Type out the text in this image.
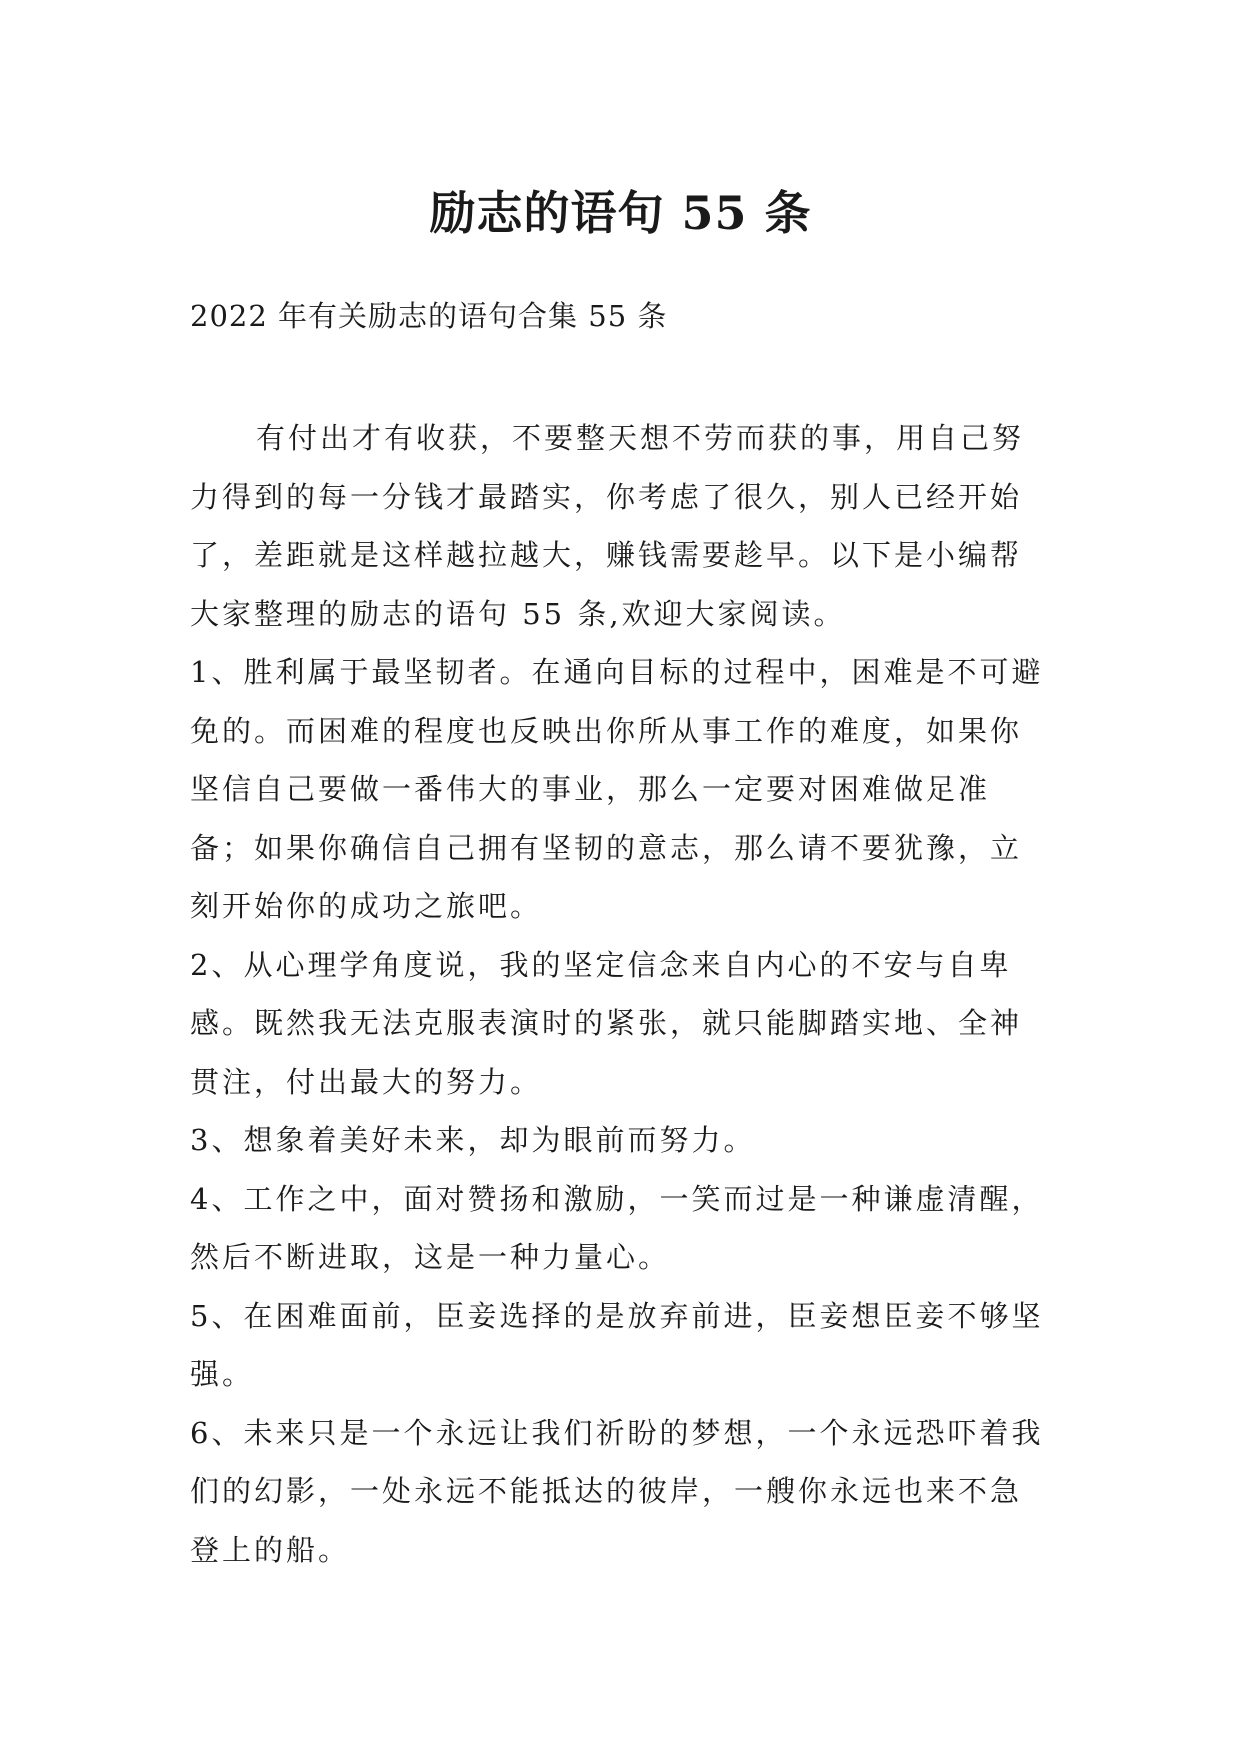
励志的语句 55 条
2022 年有关励志的语句合集 55 条

有付出才有收获，不要整天想不劳而获的事，用自己努力得到的每一分钱才最踏实，你考虑了很久，别人已经开始了，差距就是这样越拉越大，赚钱需要趁早。以下是小编帮大家整理的励志的语句 55 条,欢迎大家阅读。

1、胜利属于最坚韧者。在通向目标的过程中，困难是不可避免的。而困难的程度也反映出你所从事工作的难度，如果你坚信自己要做一番伟大的事业，那么一定要对困难做足准备；如果你确信自己拥有坚韧的意志，那么请不要犹豫，立刻开始你的成功之旅吧。

2、从心理学角度说，我的坚定信念来自内心的不安与自卑感。既然我无法克服表演时的紧张，就只能脚踏实地、全神贯注，付出最大的努力。

3、想象着美好未来，却为眼前而努力。

4、工作之中，面对赞扬和激励，一笑而过是一种谦虚清醒，然后不断进取，这是一种力量心。

5、在困难面前，臣妾选择的是放弃前进，臣妾想臣妾不够坚强。

6、未来只是一个永远让我们祈盼的梦想，一个永远恐吓着我们的幻影，一处永远不能抵达的彼岸，一艘你永远也来不急登上的船。
